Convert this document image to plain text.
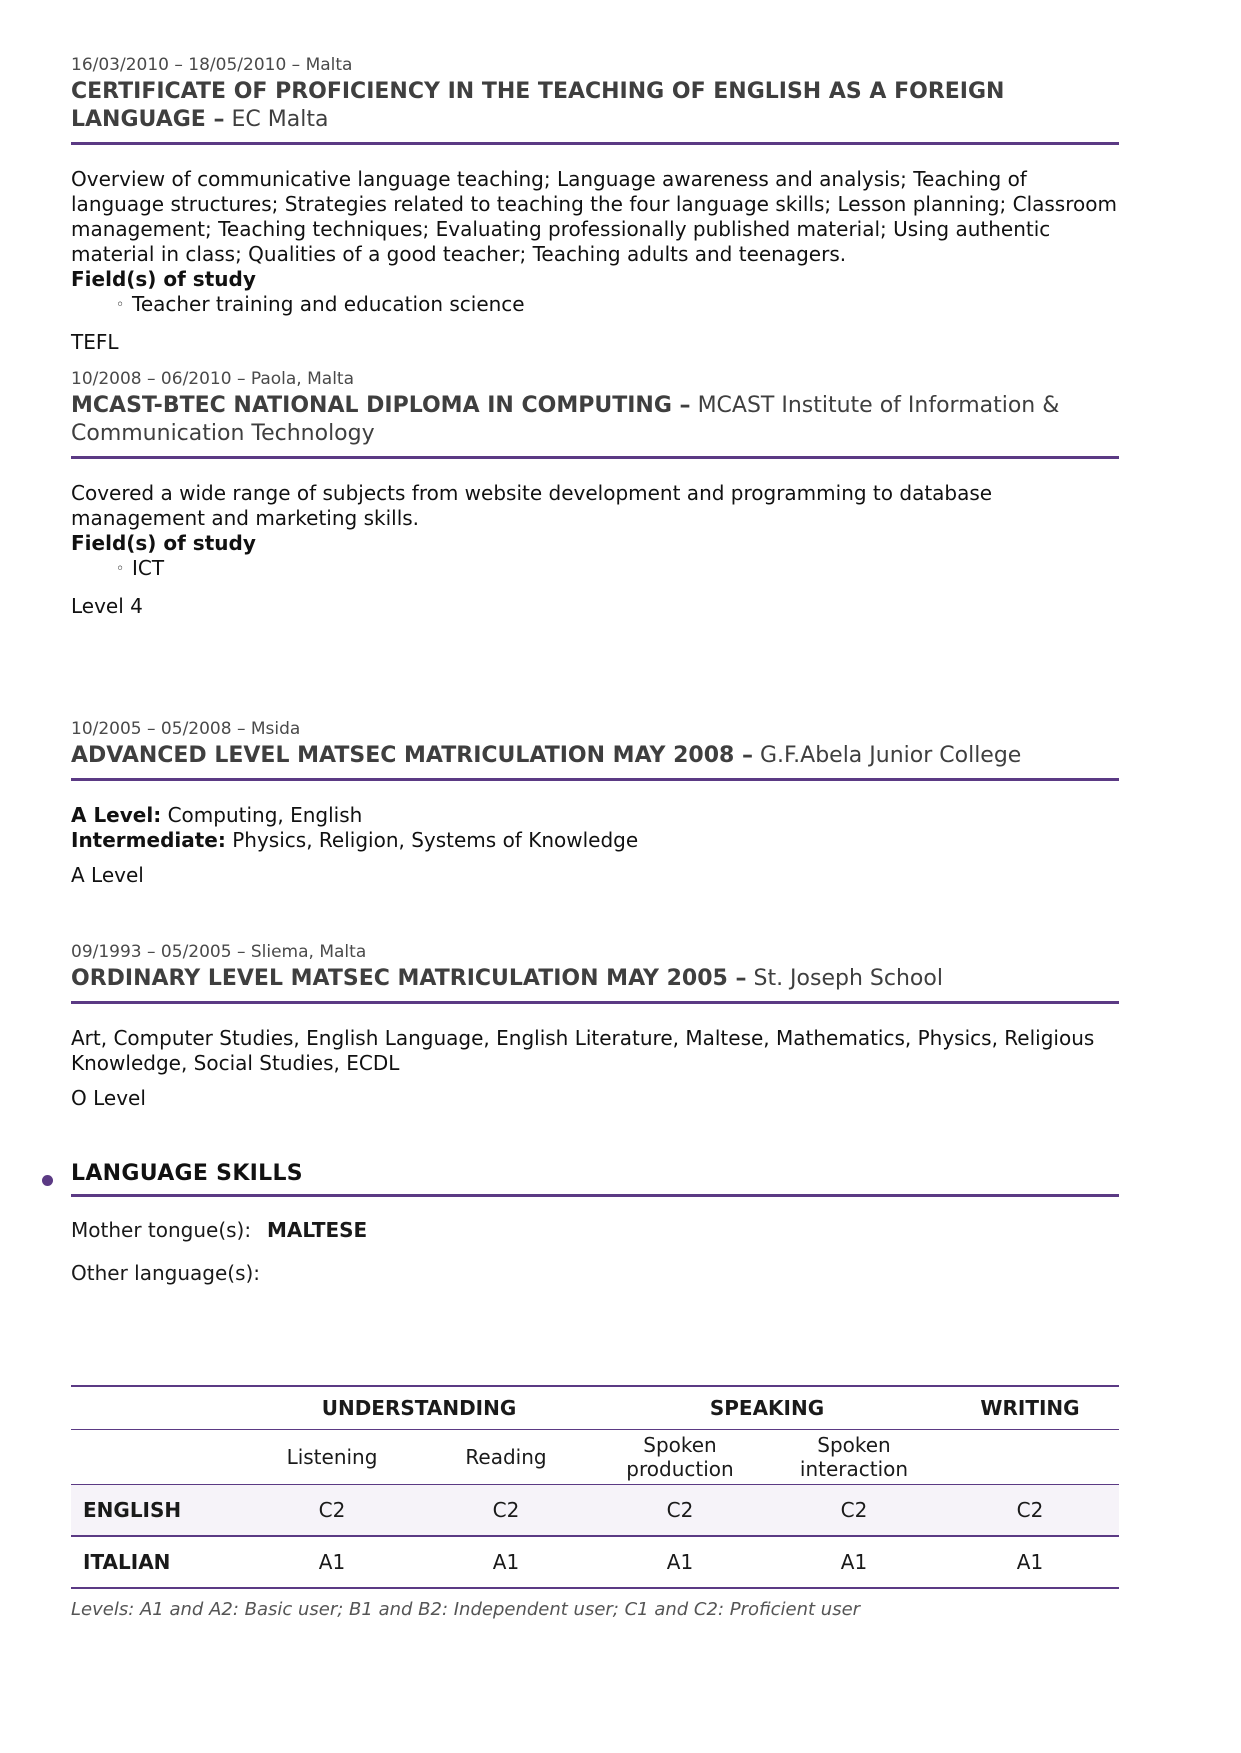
16/03/2010 – 18/05/2010 – Malta
CERTIFICATE OF PROFICIENCY IN THE TEACHING OF ENGLISH AS A FOREIGN LANGUAGE – EC Malta

Overview of communicative language teaching; Language awareness and analysis; Teaching of language structures; Strategies related to teaching the four language skills; Lesson planning; Classroom management; Teaching techniques; Evaluating professionally published material; Using authentic material in class; Qualities of a good teacher; Teaching adults and teenagers.

Field(s) of study

◦ Teacher training and education science

TEFL
10/2008 – 06/2010 – Paola, Malta
MCAST-BTEC NATIONAL DIPLOMA IN COMPUTING – MCAST Institute of Information & Communication Technology

Covered a wide range of subjects from website development and programming to database management and marketing skills.

Field(s) of study

◦ ICT

Level 4
10/2005 – 05/2008 – Msida
ADVANCED LEVEL MATSEC MATRICULATION MAY 2008 – G.F.Abela Junior College

A Level: Computing, English

Intermediate: Physics, Religion, Systems of Knowledge

A Level
09/1993 – 05/2005 – Sliema, Malta
ORDINARY LEVEL MATSEC MATRICULATION MAY 2005 – St. Joseph School

Art, Computer Studies, English Language, English Literature, Maltese, Mathematics, Physics, Religious Knowledge, Social Studies, ECDL

O Level
LANGUAGE SKILLS
Mother tongue(s): MALTESE
Other language(s):
	UNDERSTANDING		SPEAKING		WRITING
	Listening	Reading	Spoken production	Spoken interaction	

ENGLISH	C2	C2	C2	C2	C2
ITALIAN	A1	A1	A1	A1	A1
Levels: A1 and A2: Basic user; B1 and B2: Independent user; C1 and C2: Proficient user
